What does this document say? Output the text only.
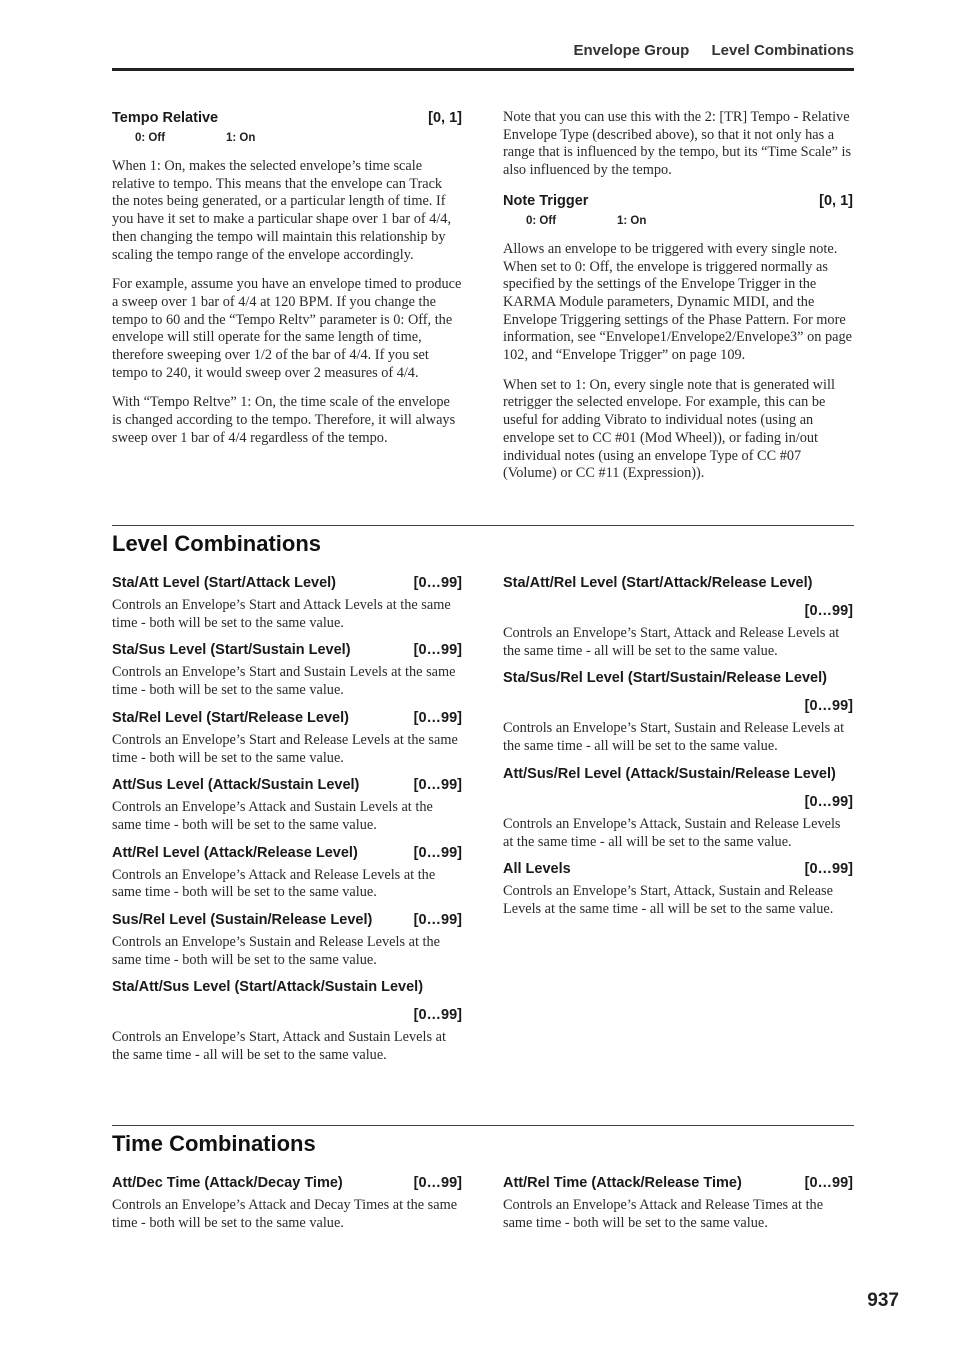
Envelope Group Level Combinations
Tempo Relative	[0, 1]
0: Off	1: On

When 1: On, makes the selected envelope’s time scale relative to tempo. This means that the envelope can Track the notes being generated, or a particular length of time. If you have it set to make a particular shape over 1 bar of 4/4, then changing the tempo will maintain this relationship by scaling the tempo range of the envelope accordingly.

For example, assume you have an envelope timed to produce a sweep over 1 bar of 4/4 at 120 BPM. If you change the tempo to 60 and the “Tempo Reltv” parameter is 0: Off, the envelope will still operate for the same length of time, therefore sweeping over 1/2 of the bar of 4/4. If you set tempo to 240, it would sweep over 2 measures of 4/4.

With “Tempo Reltve” 1: On, the time scale of the envelope is changed according to the tempo. Therefore, it will always sweep over 1 bar of 4/4 regardless of the tempo.

Note that you can use this with the 2: [TR] Tempo - Relative Envelope Type (described above), so that it not only has a range that is influenced by the tempo, but its “Time Scale” is also influenced by the tempo.

Note Trigger	[0, 1]
0: Off	1: On

Allows an envelope to be triggered with every single note. When set to 0: Off, the envelope is triggered normally as specified by the settings of the Envelope Trigger in the KARMA Module parameters, Dynamic MIDI, and the Envelope Triggering settings of the Phase Pattern. For more information, see “Envelope1/Envelope2/Envelope3” on page 102, and “Envelope Trigger” on page 109.

When set to 1: On, every single note that is generated will retrigger the selected envelope. For example, this can be useful for adding Vibrato to individual notes (using an envelope set to CC #01 (Mod Wheel)), or fading in/out individual notes (using an envelope Type of CC #07 (Volume) or CC #11 (Expression)).

Level Combinations
Sta/Att Level (Start/Attack Level)	[0…99]

Controls an Envelope’s Start and Attack Levels at the same time - both will be set to the same value.

Sta/Sus Level (Start/Sustain Level)	[0…99]

Controls an Envelope’s Start and Sustain Levels at the same time - both will be set to the same value.

Sta/Rel Level (Start/Release Level)	[0…99]

Controls an Envelope’s Start and Release Levels at the same time - both will be set to the same value.

Att/Sus Level (Attack/Sustain Level)	[0…99]

Controls an Envelope’s Attack and Sustain Levels at the same time - both will be set to the same value.

Att/Rel Level (Attack/Release Level)	[0…99]

Controls an Envelope’s Attack and Release Levels at the same time - both will be set to the same value.

Sus/Rel Level (Sustain/Release Level)	[0…99]

Controls an Envelope’s Sustain and Release Levels at the same time - both will be set to the same value.

Sta/Att/Sus Level (Start/Attack/Sustain Level)
[0…99]

Controls an Envelope’s Start, Attack and Sustain Levels at the same time - all will be set to the same value.

Sta/Att/Rel Level (Start/Attack/Release Level)
[0…99]

Controls an Envelope’s Start, Attack and Release Levels at the same time - all will be set to the same value.

Sta/Sus/Rel Level (Start/Sustain/Release Level)
[0…99]

Controls an Envelope’s Start, Sustain and Release Levels at the same time - all will be set to the same value.

Att/Sus/Rel Level (Attack/Sustain/Release Level)
[0…99]

Controls an Envelope’s Attack, Sustain and Release Levels at the same time - all will be set to the same value.

All Levels	[0…99]

Controls an Envelope’s Start, Attack, Sustain and Release Levels at the same time - all will be set to the same value.

Time Combinations
Att/Dec Time (Attack/Decay Time)	[0…99]

Controls an Envelope’s Attack and Decay Times at the same time - both will be set to the same value.

Att/Rel Time (Attack/Release Time)	[0…99]

Controls an Envelope’s Attack and Release Times at the same time - both will be set to the same value.

937
